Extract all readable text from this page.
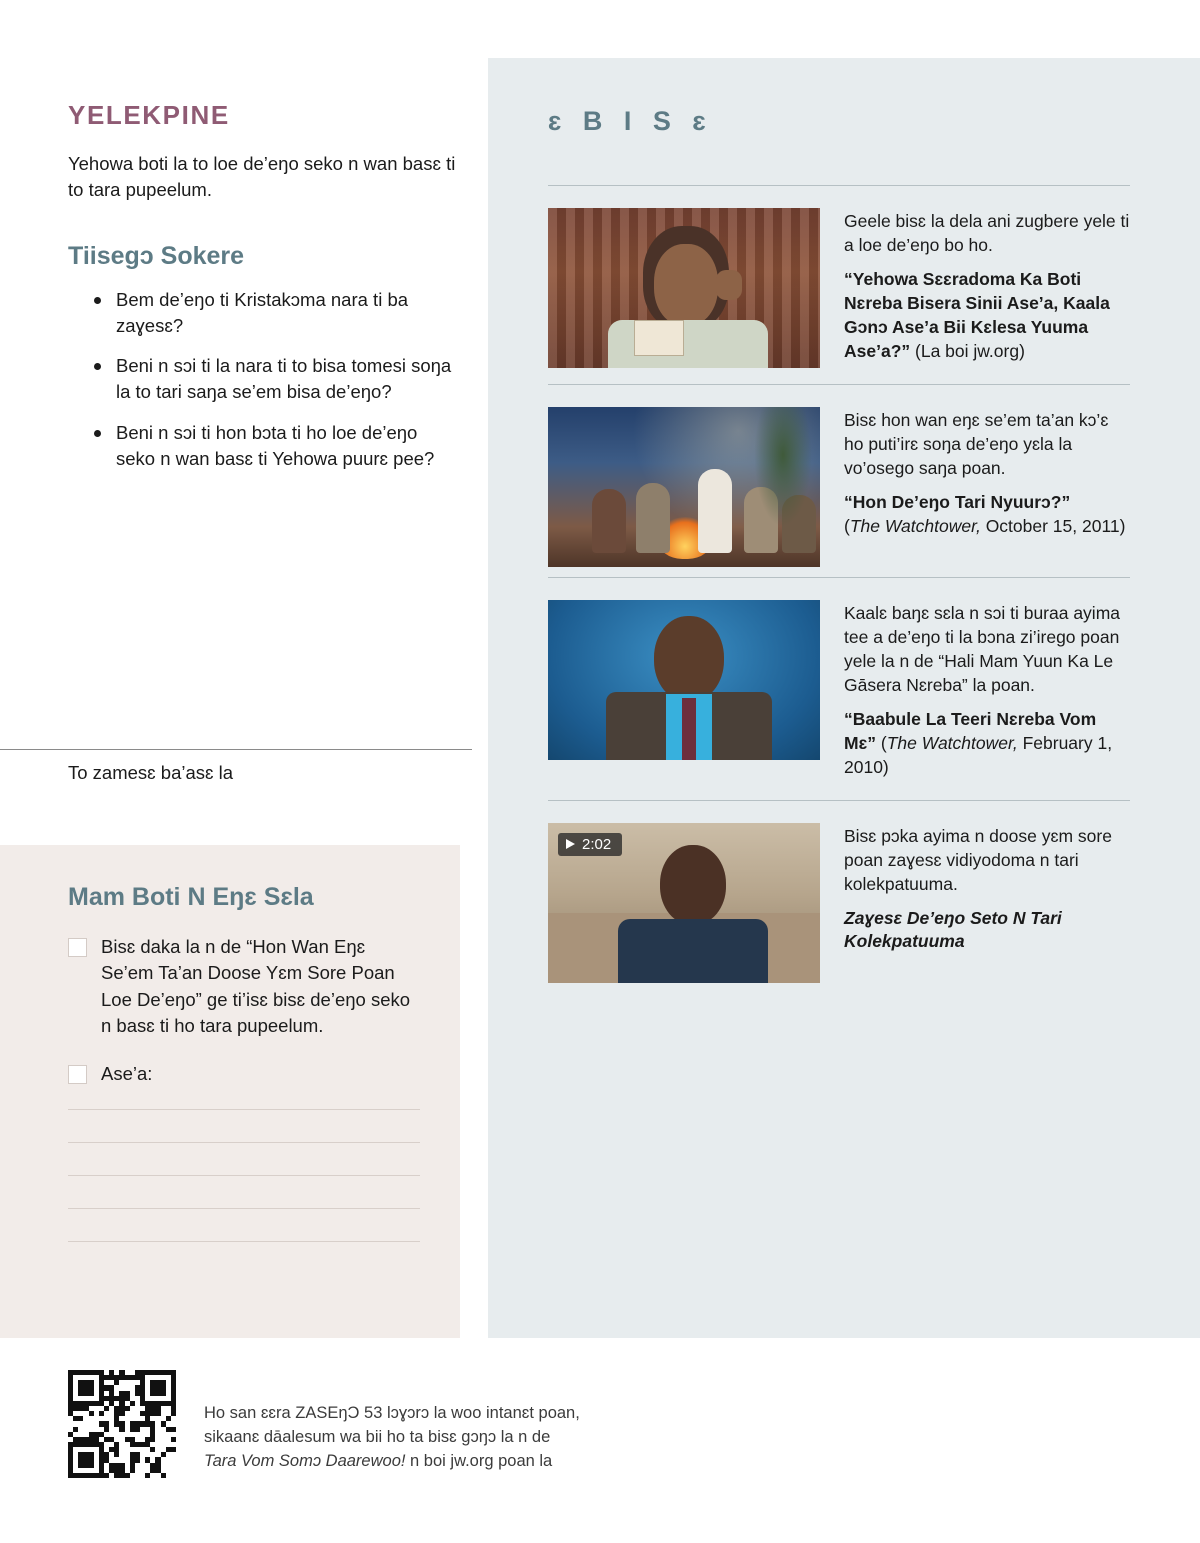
ɛ B I S ɛ

Geele bisɛ la dela ani zugbere yele ti a loe de’eŋo bo ho.

“Yehowa Sɛɛradoma Ka Boti Nɛreba Bisera Sinii Ase’a, Kaala Gɔnɔ Ase’a Bii Kɛlesa Yuuma Ase’a?” (La boi jw.org)

Bisɛ hon wan eŋɛ se’em ta’an kɔ’ɛ ho puti’irɛ soŋa de’eŋo yɛla la vo’osego saŋa poan.

“Hon De’eŋo Tari Nyuurɔ?”
(The Watchtower, October 15, 2011)

Kaalɛ baŋɛ sɛla n sɔi ti buraa ayima tee a de’eŋo ti la bɔna zi’irego poan yele la n de “Hali Mam Yuun Ka Le Gāsera Nɛreba” la poan.

“Baabule La Teeri Nɛreba Vom Mɛ” (The Watchtower, February 1, 2010)

2:02	Bisɛ pɔka ayima n doose yɛm sore poan zaɣesɛ vidiyodoma n tari kolekpatuuma.

Zaɣesɛ De’eŋo Seto N Tari Kolekpatuuma

YELEKPINE

Yehowa boti la to loe de’eŋo seko n wan basɛ ti to tara pupeelum.

Tiisegɔ Sokere
Bem de’eŋo ti Kristakɔma nara ti ba zaɣesɛ?
Beni n sɔi ti la nara ti to bisa tomesi soŋa la to tari saŋa se’em bisa de’eŋo?
Beni n sɔi ti hon bɔta ti ho loe de’eŋo seko n wan basɛ ti Yehowa puurɛ pee?
To zamesɛ ba’asɛ la
Mam Boti N Eŋɛ Sɛla
Bisɛ daka la n de “Hon Wan Eŋɛ Se’em Ta’an Doose Yɛm Sore Poan Loe De’eŋo” ge ti’isɛ bisɛ de’eŋo seko n basɛ ti ho tara pupeelum.
Ase’a:
Ho san ɛɛra ZASEŋƆ 53 lɔɣɔrɔ la woo intanɛt poan,
sikaanɛ dāalesum wa bii ho ta bisɛ gɔŋɔ la n de
Tara Vom Somɔ Daarewoo! n boi jw.org poan la
